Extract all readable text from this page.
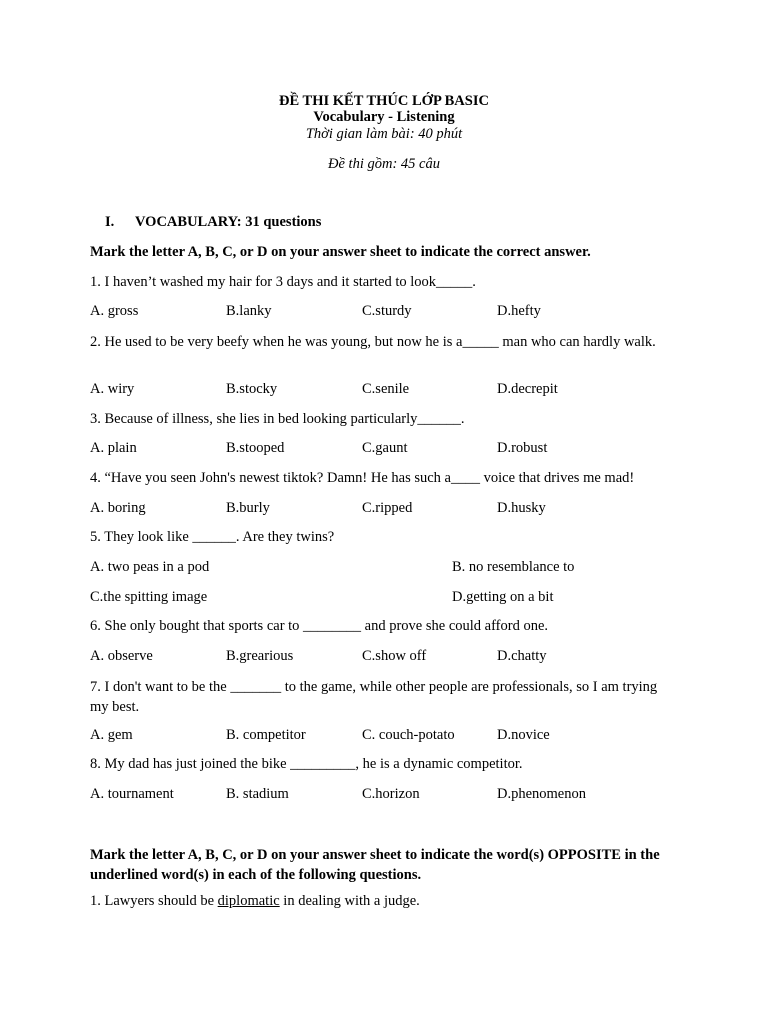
ĐỀ THI KẾT THÚC LỚP BASIC
Vocabulary - Listening
Thời gian làm bài: 40 phút
Đề thi gồm: 45 câu
I.	VOCABULARY: 31 questions
Mark the letter A, B, C, or D on your answer sheet to indicate the correct answer.
1. I haven’t washed my hair for 3 days and it started to look_____.
A. gross	B.lanky	C.sturdy	D.hefty
2. He used to be very beefy when he was young, but now he is a_____ man who can hardly walk.
A. wiry	B.stocky	C.senile	D.decrepit
3. Because of illness, she lies in bed looking particularly______.
A. plain	B.stooped	C.gaunt	D.robust
4. “Have you seen John's newest tiktok? Damn! He has such a____ voice that drives me mad!
A. boring	B.burly	C.ripped	D.husky
5. They look like ______. Are they twins?
A. two peas in a pod	B. no resemblance to
C.the spitting image	D.getting on a bit
6. She only bought that sports car to ________ and prove she could afford one.
A. observe	B.grearious	C.show off	D.chatty
7. I don't want to be the _______ to the game, while other people are professionals, so I am trying my best.
A. gem	B. competitor	C. couch-potato	D.novice
8. My dad has just joined the bike _________, he is a dynamic competitor.
A. tournament	B. stadium	C.horizon	D.phenomenon
Mark the letter A, B, C, or D on your answer sheet to indicate the word(s) OPPOSITE in the underlined word(s) in each of the following questions.
1. Lawyers should be diplomatic in dealing with a judge.
